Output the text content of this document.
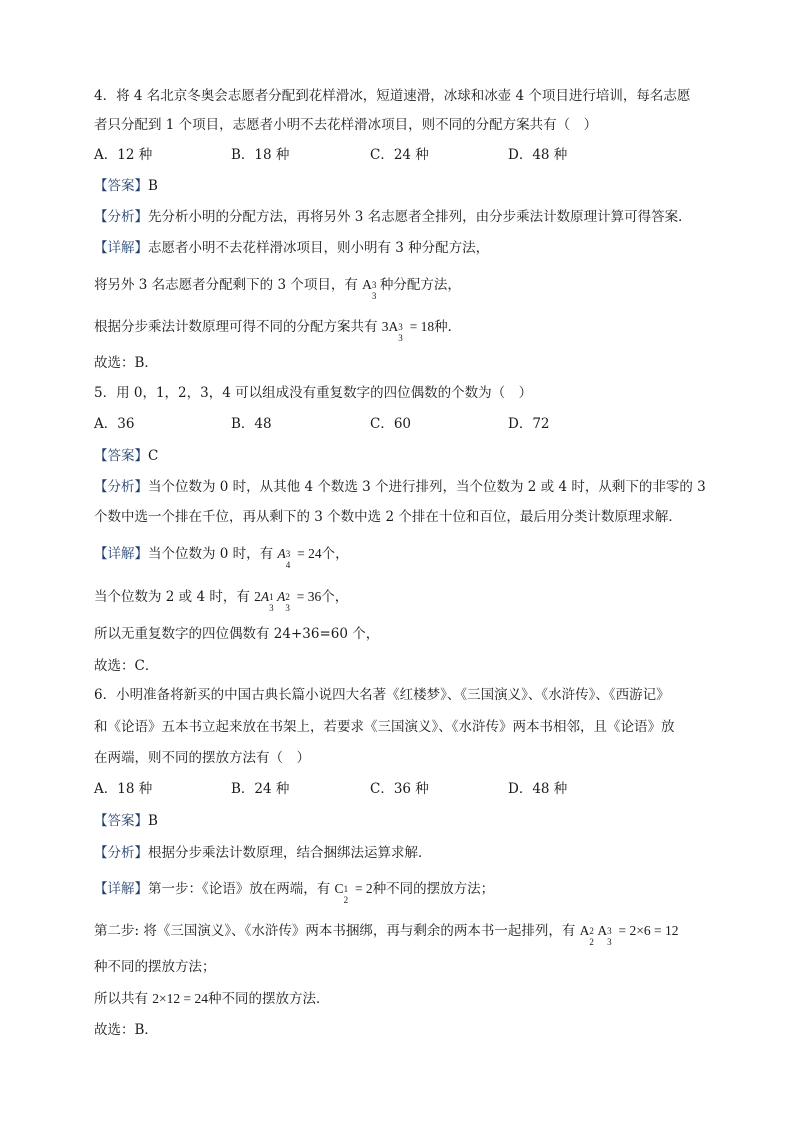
4．将 4 名北京冬奥会志愿者分配到花样滑冰，短道速滑，冰球和冰壶 4 个项目进行培训，每名志愿
者只分配到 1 个项目，志愿者小明不去花样滑冰项目，则不同的分配方案共有（　）
A．12 种	B．18 种	C．24 种	D．48 种
【答案】B
【分析】先分析小明的分配方法，再将另外 3 名志愿者全排列，由分步乘法计数原理计算可得答案．
【详解】志愿者小明不去花样滑冰项目，则小明有 3 种分配方法，
将另外 3 名志愿者分配剩下的 3 个项目，有 A 3
3
种分配方法，
根据分步乘法计数原理可得不同的分配方案共有 3A 3
3
= 18种．
故选：B．
5．用 0，1，2，3，4 可以组成没有重复数字的四位偶数的个数为（　）
A．36	B．48	C．60	D．72
【答案】C
【分析】当个位数为 0 时，从其他 4 个数选 3 个进行排列，当个位数为 2 或 4 时，从剩下的非零的 3
个数中选一个排在千位，再从剩下的 3 个数中选 2 个排在十位和百位，最后用分类计数原理求解．
【详解】当个位数为 0 时，有 A 3
4
= 24个，
当个位数为 2 或 4 时，有 2A 1
3
A 2
3
= 36个，
所以无重复数字的四位偶数有 24+36=60 个，
故选：C．
6．小明准备将新买的中国古典长篇小说四大名著《红楼梦》、《三国演义》、《水浒传》、《西游记》
和《论语》五本书立起来放在书架上，若要求《三国演义》、《水浒传》两本书相邻，且《论语》放
在两端，则不同的摆放方法有（　）
A．18 种	B．24 种	C．36 种	D．48 种
【答案】B
【分析】根据分步乘法计数原理，结合捆绑法运算求解．
【详解】第一步：《论语》放在两端，有 C 1
2
= 2种不同的摆放方法；
第二步: 将《三国演义》、《水浒传》两本书捆绑，再与剩余的两本书一起排列，有 A 2
2
A 3
3
= 2×6 = 12
种不同的摆放方法；
所以共有 2×12 = 24种不同的摆放方法．
故选：B．
